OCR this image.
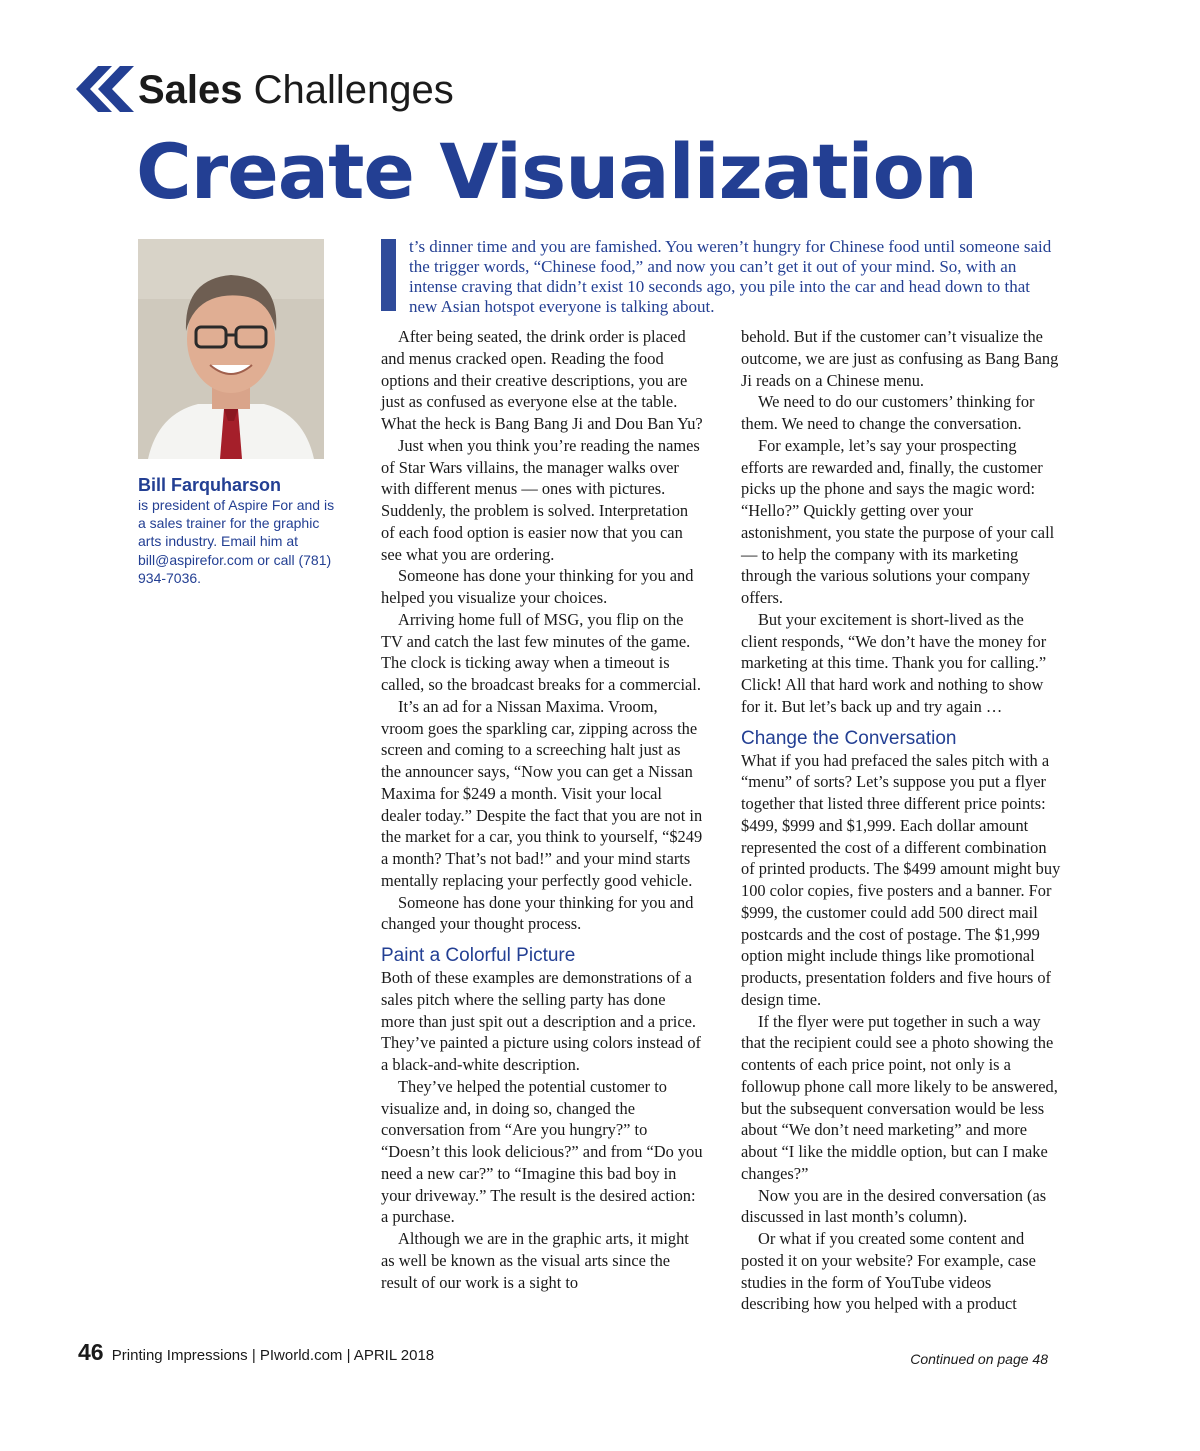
Sales Challenges
Create Visualization
Bill Farquharson
is president of Aspire For and is a sales trainer for the graphic arts industry. Email him at bill@aspirefor.com or call (781) 934-7036.
t’s dinner time and you are famished. You weren’t hungry for Chinese food until someone said the trigger words, “Chinese food,” and now you can’t get it out of your mind. So, with an intense craving that didn’t exist 10 seconds ago, you pile into the car and head down to that new Asian hotspot everyone is talking about.

After being seated, the drink order is placed and menus cracked open. Reading the food options and their creative descriptions, you are just as confused as everyone else at the table. What the heck is Bang Bang Ji and Dou Ban Yu?

Just when you think you’re reading the names of Star Wars villains, the manager walks over with different menus — ones with pictures. Suddenly, the problem is solved. Interpretation of each food option is easier now that you can see what you are ordering.

Someone has done your thinking for you and helped you visualize your choices.

Arriving home full of MSG, you flip on the TV and catch the last few minutes of the game. The clock is ticking away when a timeout is called, so the broadcast breaks for a commercial.

It’s an ad for a Nissan Maxima. Vroom, vroom goes the sparkling car, zipping across the screen and coming to a screeching halt just as the announcer says, “Now you can get a Nissan Maxima for $249 a month. Visit your local dealer today.” Despite the fact that you are not in the market for a car, you think to yourself, “$249 a month? That’s not bad!” and your mind starts mentally replacing your perfectly good vehicle.

Someone has done your thinking for you and changed your thought process.

Paint a Colorful Picture

Both of these examples are demonstrations of a sales pitch where the selling party has done more than just spit out a description and a price. They’ve painted a picture using colors instead of a black-and-white description.

They’ve helped the potential customer to visualize and, in doing so, changed the conversation from “Are you hungry?” to “Doesn’t this look delicious?” and from “Do you need a new car?” to “Imagine this bad boy in your driveway.” The result is the desired action: a purchase.

Although we are in the graphic arts, it might as well be known as the visual arts since the result of our work is a sight to

behold. But if the customer can’t visualize the outcome, we are just as confusing as Bang Bang Ji reads on a Chinese menu.

We need to do our customers’ thinking for them. We need to change the conversation.

For example, let’s say your prospecting efforts are rewarded and, finally, the customer picks up the phone and says the magic word: “Hello?” Quickly getting over your astonishment, you state the purpose of your call — to help the company with its marketing through the various solutions your company offers.

But your excitement is short-lived as the client responds, “We don’t have the money for marketing at this time. Thank you for calling.” Click! All that hard work and nothing to show for it. But let’s back up and try again …

Change the Conversation

What if you had prefaced the sales pitch with a “menu” of sorts? Let’s suppose you put a flyer together that listed three different price points: $499, $999 and $1,999. Each dollar amount represented the cost of a different combination of printed products. The $499 amount might buy 100 color copies, five posters and a banner. For $999, the customer could add 500 direct mail postcards and the cost of postage. The $1,999 option might include things like promotional products, presentation folders and five hours of design time.

If the flyer were put together in such a way that the recipient could see a photo showing the contents of each price point, not only is a followup phone call more likely to be answered, but the subsequent conversation would be less about “We don’t need marketing” and more about “I like the middle option, but can I make changes?”

Now you are in the desired conversation (as discussed in last month’s column).

Or what if you created some content and posted it on your website? For example, case studies in the form of YouTube videos describing how you helped with a product

Continued on page 48
46 Printing Impressions | PIworld.com | APRIL 2018
